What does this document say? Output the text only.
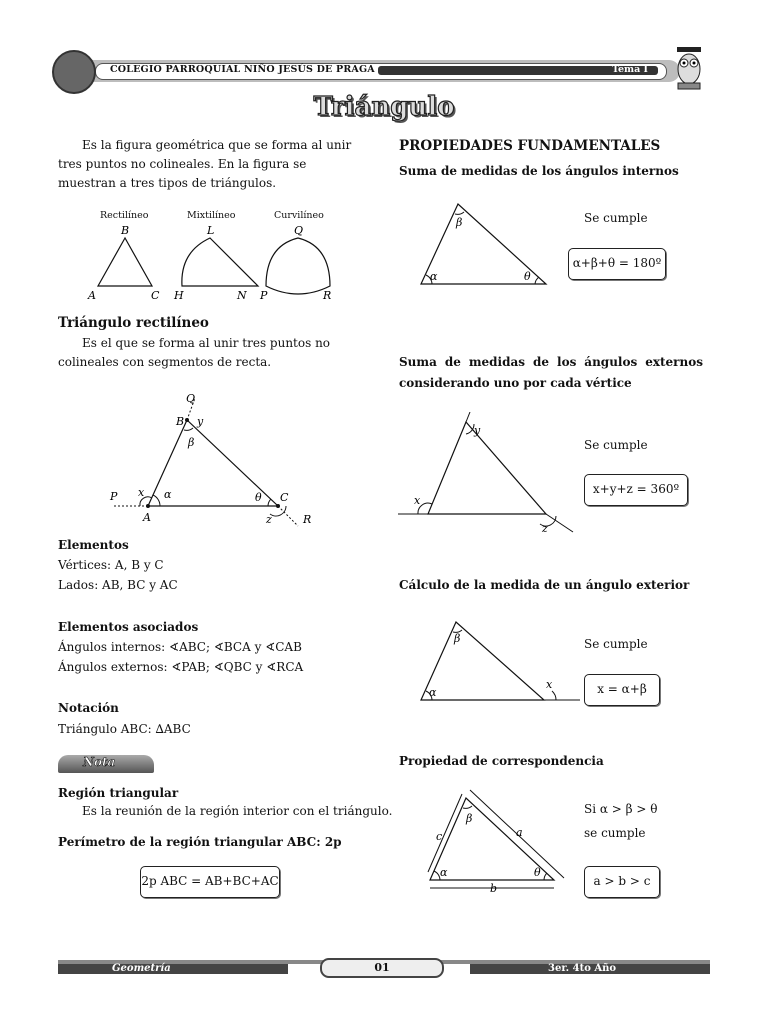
COLEGIO PARROQUIAL NIÑO JESÚS DE PRAGA	Tema I
Triángulo
Es la figura geométrica que se forma al unir tres puntos no colineales. En la figura se muestran a tres tipos de triángulos.
Rectilíneo	Mixtilíneo	Curvilíneo
B
A	C
L
H	N
Q
P	R
Triángulo rectilíneo
Es el que se forma al unir tres puntos no colineales con segmentos de recta.
Q
B y
β
P x α
A
θ C
z	R
Elementos
Vértices: A, B y C
Lados: AB, BC y AC
Elementos asociados
Ángulos internos: ∢ABC; ∢BCA y ∢CAB
Ángulos externos: ∢PAB; ∢QBC y ∢RCA
Notación
Triángulo ABC: ∆ABC
Nota
Región triangular
Es la reunión de la región interior con el triángulo.
Perímetro de la región triangular ABC: 2p
2p ABC = AB+BC+AC
PROPIEDADES FUNDAMENTALES
Suma de medidas de los ángulos internos
β
α	θ
Se cumple
α+β+θ = 180º
Suma de medidas de los ángulos externos considerando uno por cada vértice
y
x
z
Se cumple
x+y+z = 360º
Cálculo de la medida de un ángulo exterior
β
α
x
Se cumple
x = α+β
Propiedad de correspondencia
β
c	a
α	θ
b
Si α > β > θ
se cumple
a > b > c
Geometría	3er. 4to Año
01
